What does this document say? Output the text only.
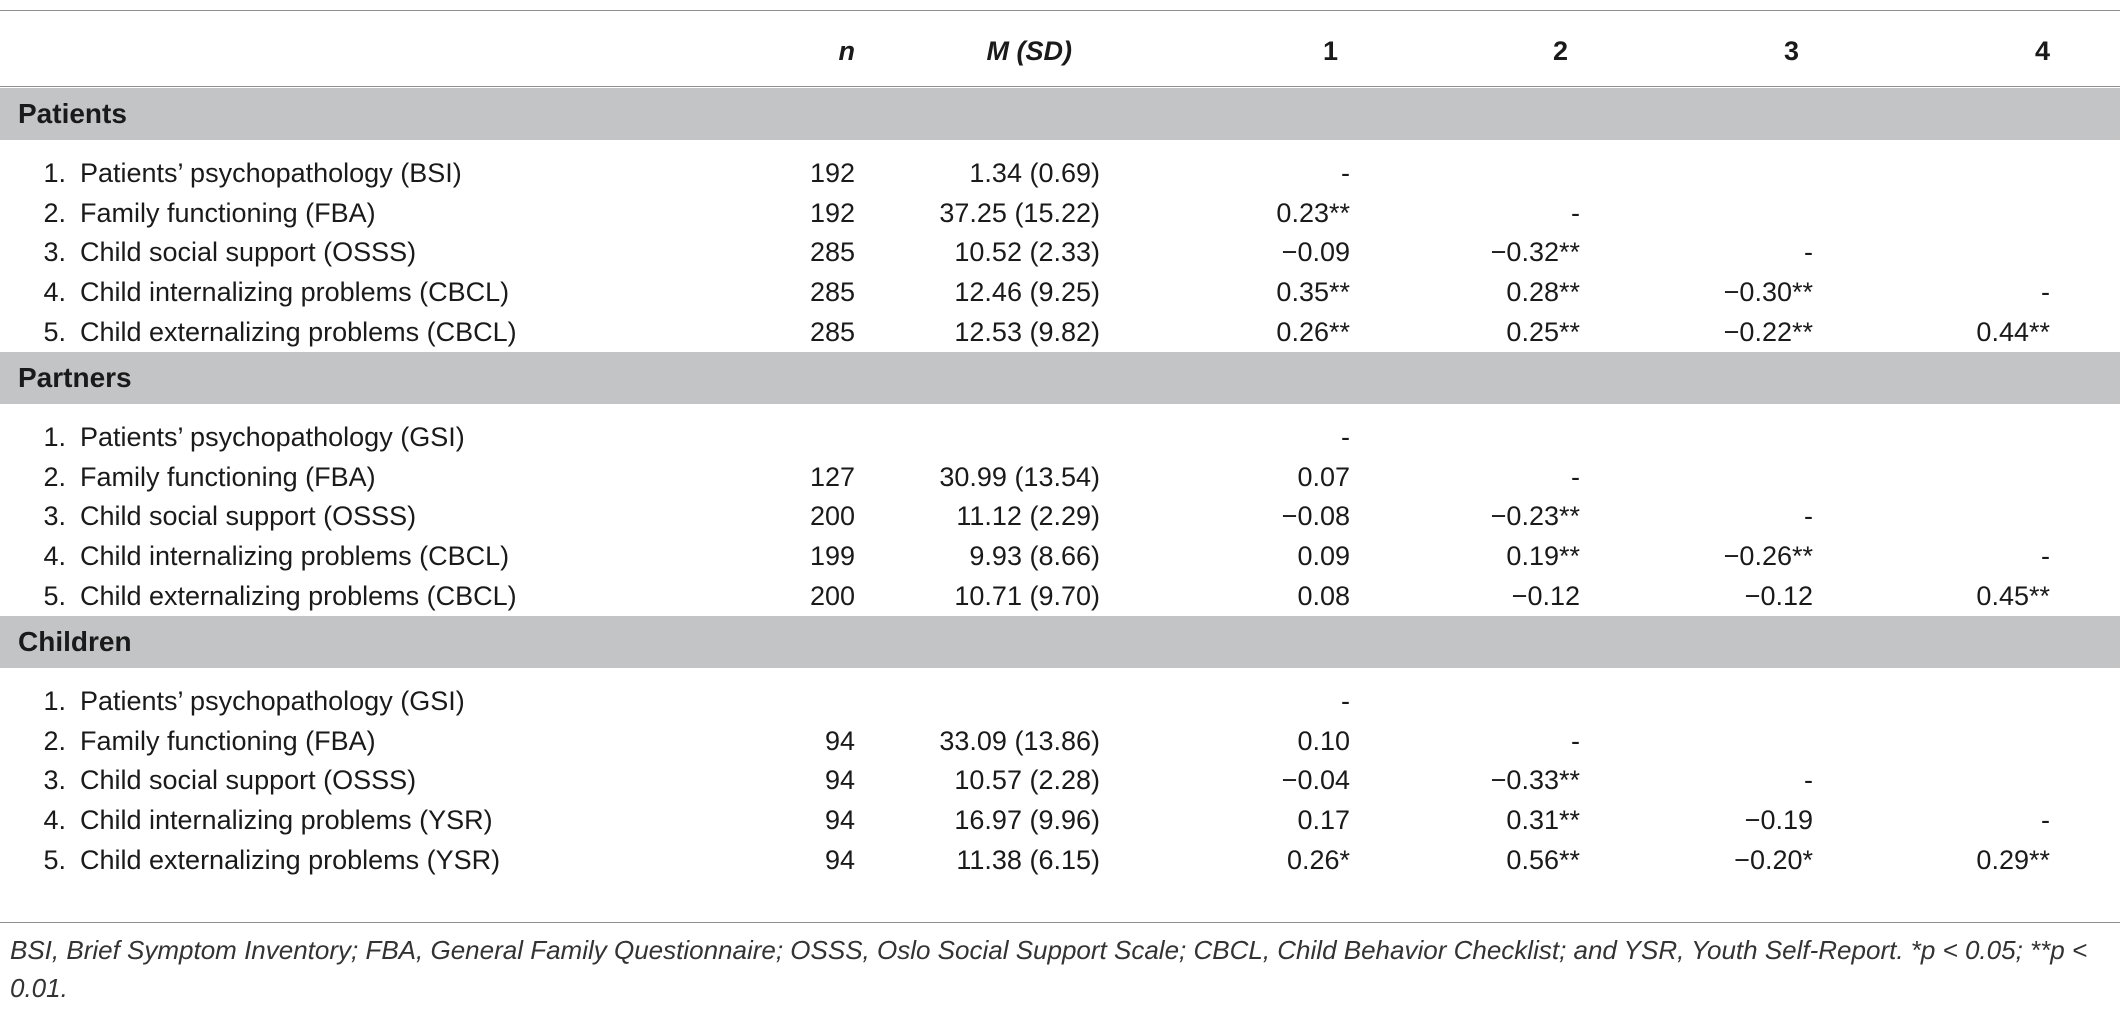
		n	M (SD)	1	2	3	4
Patients							

1.	Patients’ psychopathology (BSI)	192	1.34 (0.69)	-			
2.	Family functioning (FBA)	192	37.25 (15.22)	0.23**	-		
3.	Child social support (OSSS)	285	10.52 (2.33)	−0.09	−0.32**	-	
4.	Child internalizing problems (CBCL)	285	12.46 (9.25)	0.35**	0.28**	−0.30**	-
5.	Child externalizing problems (CBCL)	285	12.53 (9.82)	0.26**	0.25**	−0.22**	0.44**
Partners							

1.	Patients’ psychopathology (GSI)			-			
2.	Family functioning (FBA)	127	30.99 (13.54)	0.07	-		
3.	Child social support (OSSS)	200	11.12 (2.29)	−0.08	−0.23**	-	
4.	Child internalizing problems (CBCL)	199	9.93 (8.66)	0.09	0.19**	−0.26**	-
5.	Child externalizing problems (CBCL)	200	10.71 (9.70)	0.08	−0.12	−0.12	0.45**
Children							

1.	Patients’ psychopathology (GSI)			-			
2.	Family functioning (FBA)	94	33.09 (13.86)	0.10	-		
3.	Child social support (OSSS)	94	10.57 (2.28)	−0.04	−0.33**	-	
4.	Child internalizing problems (YSR)	94	16.97 (9.96)	0.17	0.31**	−0.19	-
5.	Child externalizing problems (YSR)	94	11.38 (6.15)	0.26*	0.56**	−0.20*	0.29**
BSI, Brief Symptom Inventory; FBA, General Family Questionnaire; OSSS, Oslo Social Support Scale; CBCL, Child Behavior Checklist; and YSR, Youth Self-Report. *p < 0.05; **p < 0.01.
